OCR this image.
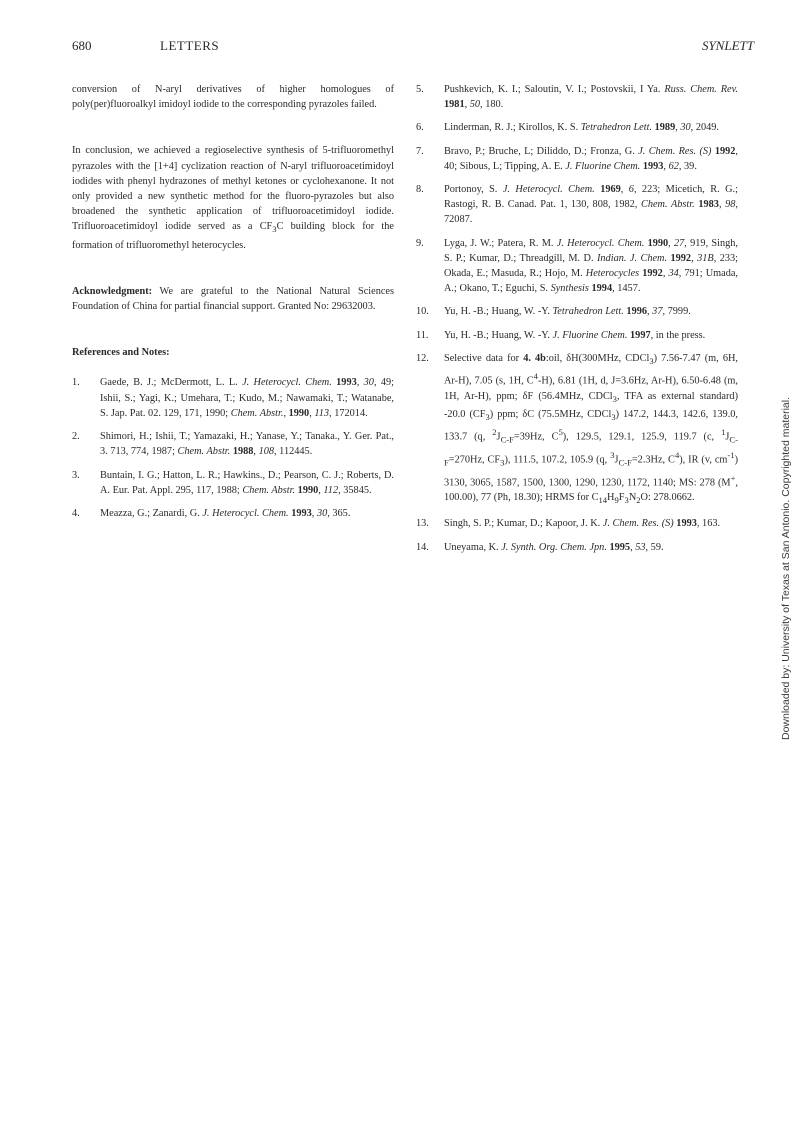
680	LETTERS	SYNLETT

conversion of N-aryl derivatives of higher homologues of poly(per)fluoroalkyl imidoyl iodide to the corresponding pyrazoles failed.

In conclusion, we achieved a regioselective synthesis of 5-trifluoromethyl pyrazoles with the [1+4] cyclization reaction of N-aryl trifluoroacetimidoyl iodides with phenyl hydrazones of methyl ketones or cyclohexanone. It not only provided a new synthetic method for the fluoro-pyrazoles but also broadened the synthetic application of trifluoroacetimidoyl iodide. Trifluoroacetimidoyl iodide served as a $CF_3C$ building block for the formation of trifluoromethyl heterocycles.

Acknowledgment: We are grateful to the National Natural Sciences Foundation of China for partial financial support. Granted No: 29632003.

References and Notes:

1.	Gaede, B. J.; McDermott, L. L. J. Heterocycl. Chem. 1993, 30, 49; Ishii, S.; Yagi, K.; Umehara, T.; Kudo, M.; Nawamaki, T.; Watanabe, S. Jap. Pat. 02. 129, 171, 1990; Chem. Abstr., 1990, 113, 172014.
2.	Shimori, H.; Ishii, T.; Yamazaki, H.; Yanase, Y.; Tanaka., Y. Ger. Pat., 3. 713, 774, 1987; Chem. Abstr. 1988, 108, 112445.
3.	Buntain, I. G.; Hatton, L. R.; Hawkins., D.; Pearson, C. J.; Roberts, D. A. Eur. Pat. Appl. 295, 117, 1988; Chem. Abstr. 1990, 112, 35845.
4.	Meazza, G.; Zanardi, G. J. Heterocycl. Chem. 1993, 30, 365.
5.	Pushkevich, K. I.; Saloutin, V. I.; Postovskii, I Ya. Russ. Chem. Rev. 1981, 50, 180.
6.	Linderman, R. J.; Kirollos, K. S. Tetrahedron Lett. 1989, 30, 2049.
7.	Bravo, P.; Bruche, L; Diliddo, D.; Fronza, G. J. Chem. Res. (S) 1992, 40; Sibous, L; Tipping, A. E. J. Fluorine Chem. 1993, 62, 39.
8.	Portonoy, S. J. Heterocycl. Chem. 1969, 6, 223; Micetich, R. G.; Rastogi, R. B. Canad. Pat. 1, 130, 808, 1982, Chem. Abstr. 1983, 98, 72087.
9.	Lyga, J. W.; Patera, R. M. J. Heterocycl. Chem. 1990, 27, 919, Singh, S. P.; Kumar, D.; Threadgill, M. D. Indian. J. Chem. 1992, 31B, 233; Okada, E.; Masuda, R.; Hojo, M. Heterocycles 1992, 34, 791; Umada, A.; Okano, T.; Eguchi, S. Synthesis 1994, 1457.
10.	Yu, H. -B.; Huang, W. -Y. Tetrahedron Lett. 1996, 37, 7999.
11.	Yu, H. -B.; Huang, W. -Y. J. Fluorine Chem. 1997, in the press.
12.	Selective data for 4. 4b:oil, δH(300MHz, CDCl$_3$) 7.56-7.47 (m, 6H, Ar-H), 7.05 (s, 1H, $C^4-H$), 6.81 (1H, d, J=3.6Hz, Ar-H), 6.50-6.48 (m, 1H, Ar-H), ppm; δF (56.4MHz, CDCl$_3$, TFA as external standard) -20.0 $(CF_3)$ ppm; δC (75.5MHz, CDCl$_3$) 147.2, 144.3, 142.6, 139.0, 133.7 (q, $^2J_{C-F}=39Hz$, $C^5$), 129.5, 129.1, 125.9, 119.7 (c, $^1J_{C-F}=270Hz$, $CF_3$), 111.5, 107.2, 105.9 (q, $^3J_{C-F}=2.3Hz$, $C^4$), IR (v, $cm^{-1}$) 3130, 3065, 1587, 1500, 1300, 1290, 1230, 1172, 1140; MS: 278 (M+, 100.00), 77 (Ph, 18.30); HRMS for $C_{14}H_9F_3N_2O$: 278.0662.
13.	Singh, S. P.; Kumar, D.; Kapoor, J. K. J. Chem. Res. (S) 1993, 163.
14.	Uneyama, K. J. Synth. Org. Chem. Jpn. 1995, 53, 59.	Downloaded by: University of Texas at San Antonio. Copyrighted material.
